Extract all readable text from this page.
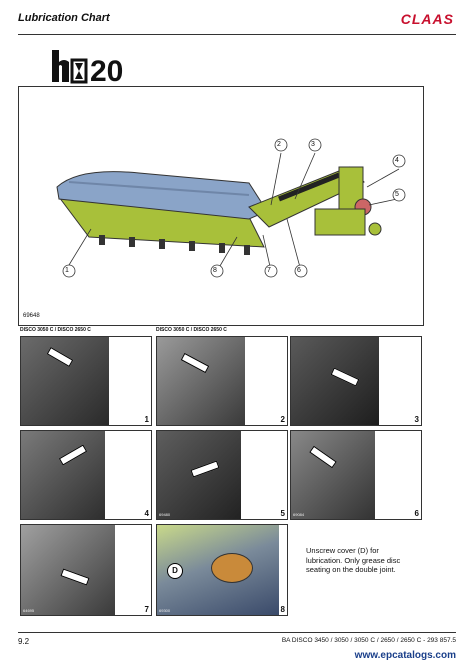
Lubrication Chart	CLAAS
20
1
2	3
4
5
6
7
8
69648
DISCO 3050 C / DISCO 2650 C	DISCO 3050 C / DISCO 2650 C
1	2	3
4	69480	5 69084	6
64695	7
D
69300	8
Unscrew cover (D) for lubrication. Only grease disc seating on the double joint.
9.2	BA DISCO 3450 / 3050 / 3050 C / 2650 / 2650 C - 293 857.5
www.epcatalogs.com
